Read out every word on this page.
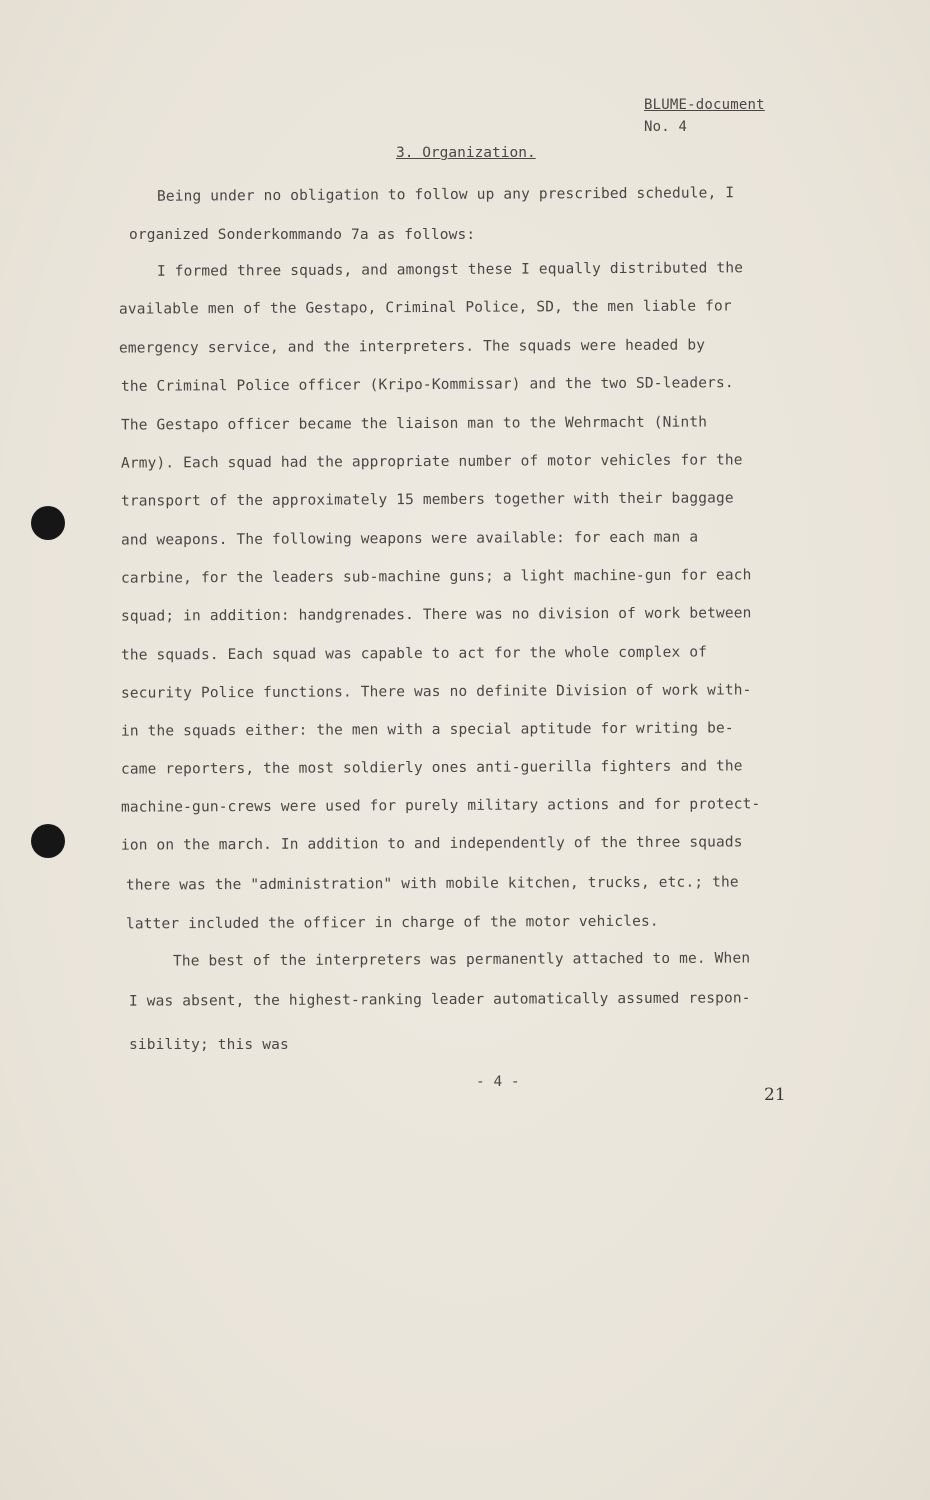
BLUME-document
No. 4
3. Organization.
Being under no obligation to follow up any prescribed schedule, I
organized Sonderkommando 7a as follows:
I formed three squads, and amongst these I equally distributed the
available men of the Gestapo, Criminal Police, SD, the men liable for
emergency service, and the interpreters. The squads were headed by
the Criminal Police officer (Kripo-Kommissar) and the two SD-leaders.
The Gestapo officer became the liaison man to the Wehrmacht (Ninth
Army). Each squad had the appropriate number of motor vehicles for the
transport of the approximately 15 members together with their baggage
and weapons. The following weapons were available: for each man a
carbine, for the leaders sub-machine guns; a light machine-gun for each
squad; in addition: handgrenades. There was no division of work between
the squads. Each squad was capable to act for the whole complex of
security Police functions. There was no definite Division of work with-
in the squads either: the men with a special aptitude for writing be-
came reporters, the most soldierly ones anti-guerilla fighters and the
machine-gun-crews were used for purely military actions and for protect-
ion on the march. In addition to and independently of the three squads
there was the "administration" with mobile kitchen, trucks, etc.; the
latter included the officer in charge of the motor vehicles.
The best of the interpreters was permanently attached to me. When
I was absent, the highest-ranking leader automatically assumed respon-
sibility; this was
- 4 -
21
